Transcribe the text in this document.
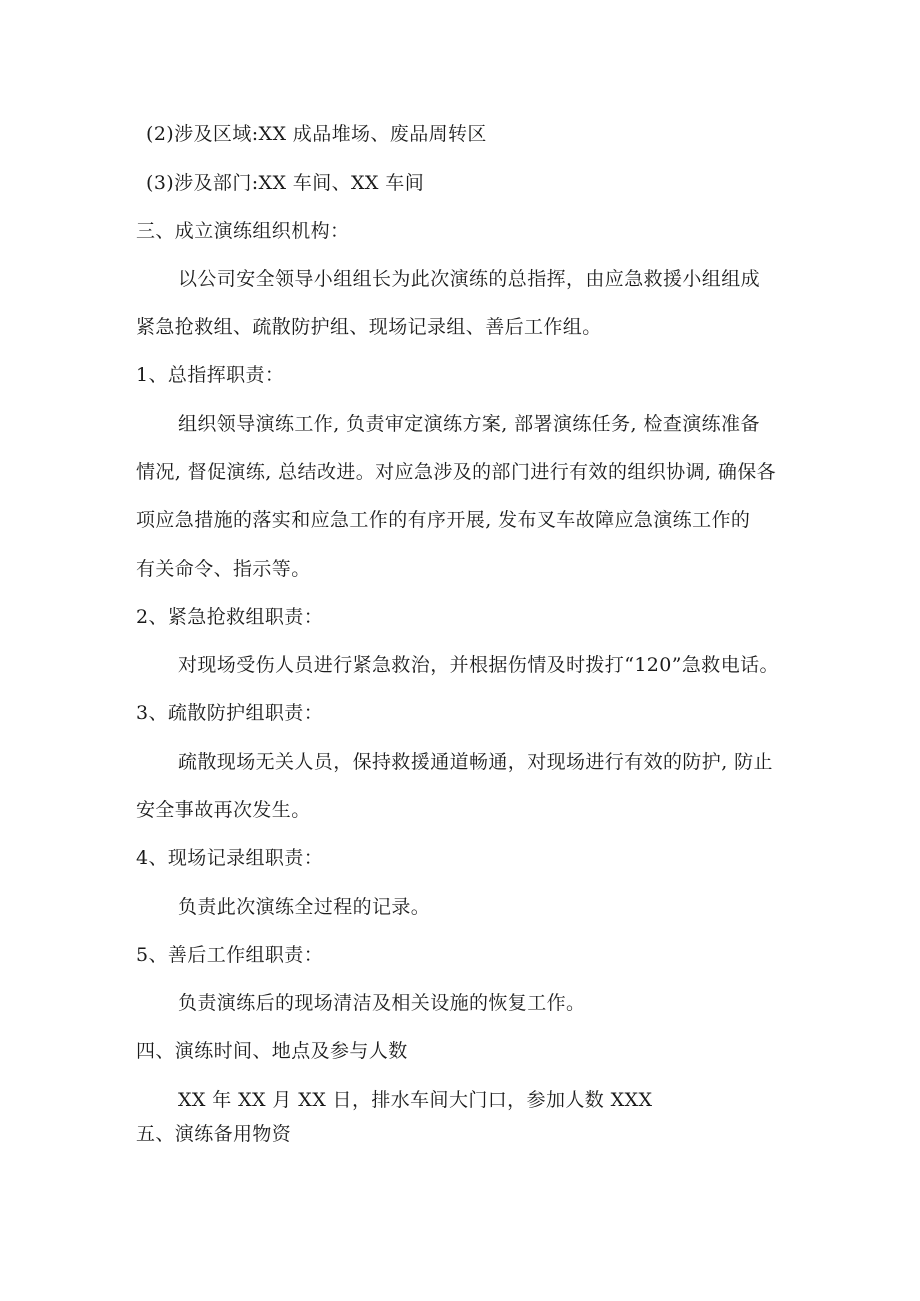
(2)涉及区域:XX 成品堆场、废品周转区
(3)涉及部门:XX 车间、XX 车间
三、成立演练组织机构：
以公司安全领导小组组长为此次演练的总指挥，由应急救援小组组成
紧急抢救组、疏散防护组、现场记录组、善后工作组。
1、总指挥职责：
组织领导演练工作, 负责审定演练方案, 部署演练任务, 检查演练准备
情况, 督促演练, 总结改进。对应急涉及的部门进行有效的组织协调, 确保各
项应急措施的落实和应急工作的有序开展, 发布叉车故障应急演练工作的
有关命令、指示等。
2、紧急抢救组职责：
对现场受伤人员进行紧急救治，并根据伤情及时拨打“120”急救电话。
3、疏散防护组职责：
疏散现场无关人员，保持救援通道畅通，对现场进行有效的防护, 防止
安全事故再次发生。
4、现场记录组职责：
负责此次演练全过程的记录。
5、善后工作组职责：
负责演练后的现场清洁及相关设施的恢复工作。
四、演练时间、地点及参与人数
XX 年 XX 月 XX 日，排水车间大门口，参加人数 XXX
五、演练备用物资
